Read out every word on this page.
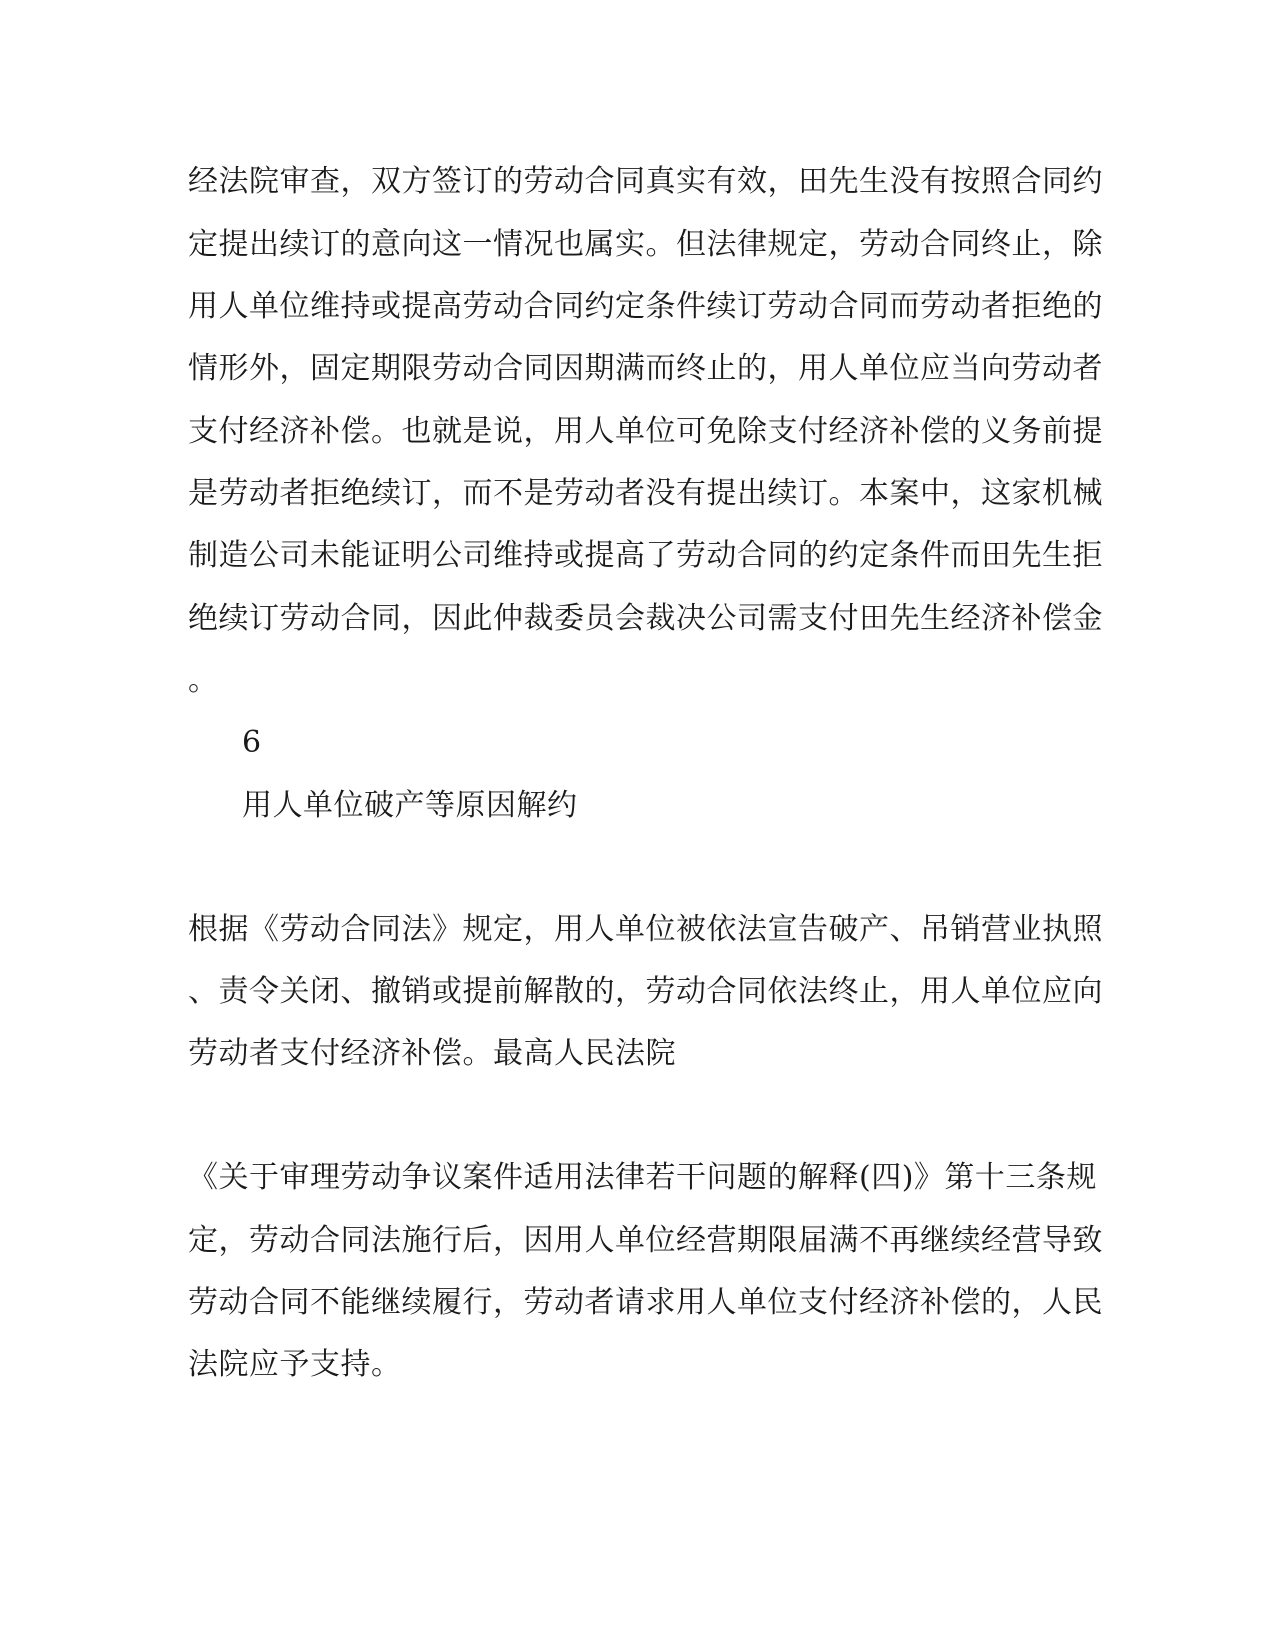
经法院审查，双方签订的劳动合同真实有效，田先生没有按照合同约
定提出续订的意向这一情况也属实。但法律规定，劳动合同终止，除
用人单位维持或提高劳动合同约定条件续订劳动合同而劳动者拒绝的
情形外，固定期限劳动合同因期满而终止的，用人单位应当向劳动者
支付经济补偿。也就是说，用人单位可免除支付经济补偿的义务前提
是劳动者拒绝续订，而不是劳动者没有提出续订。本案中，这家机械
制造公司未能证明公司维持或提高了劳动合同的约定条件而田先生拒
绝续订劳动合同，因此仲裁委员会裁决公司需支付田先生经济补偿金
。
6
用人单位破产等原因解约
根据《劳动合同法》规定，用人单位被依法宣告破产、吊销营业执照
、责令关闭、撤销或提前解散的，劳动合同依法终止，用人单位应向
劳动者支付经济补偿。最高人民法院
《关于审理劳动争议案件适用法律若干问题的解释(四)》第十三条规
定，劳动合同法施行后，因用人单位经营期限届满不再继续经营导致
劳动合同不能继续履行，劳动者请求用人单位支付经济补偿的，人民
法院应予支持。
